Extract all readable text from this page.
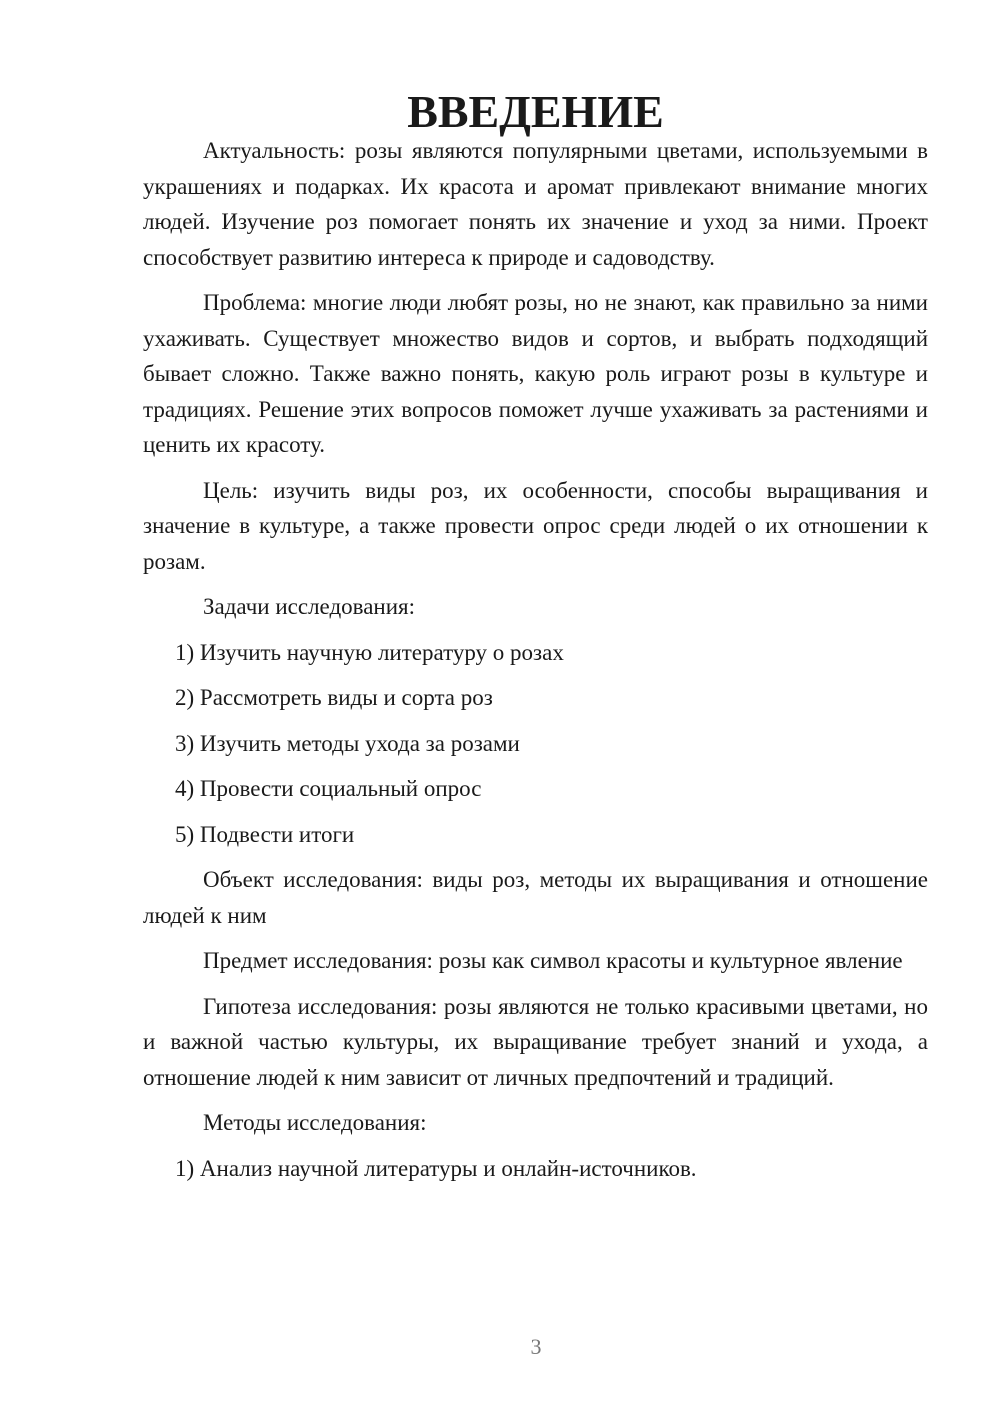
ВВЕДЕНИЕ

Актуальность: розы являются популярными цветами, используемыми в украшениях и подарках. Их красота и аромат привлекают внимание многих людей. Изучение роз помогает понять их значение и уход за ними. Проект способствует развитию интереса к природе и садоводству.

Проблема: многие люди любят розы, но не знают, как правильно за ними ухаживать. Существует множество видов и сортов, и выбрать подходящий бывает сложно. Также важно понять, какую роль играют розы в культуре и традициях. Решение этих вопросов поможет лучше ухаживать за растениями и ценить их красоту.

Цель: изучить виды роз, их особенности, способы выращивания и значение в культуре, а также провести опрос среди людей о их отношении к розам.

Задачи исследования:

1) Изучить научную литературу о розах

2) Рассмотреть виды и сорта роз

3) Изучить методы ухода за розами

4) Провести социальный опрос

5) Подвести итоги

Объект исследования: виды роз, методы их выращивания и отношение людей к ним

Предмет исследования: розы как символ красоты и культурное явление

Гипотеза исследования: розы являются не только красивыми цветами, но и важной частью культуры, их выращивание требует знаний и ухода, а отношение людей к ним зависит от личных предпочтений и традиций.

Методы исследования:

1) Анализ научной литературы и онлайн-источников.

3
